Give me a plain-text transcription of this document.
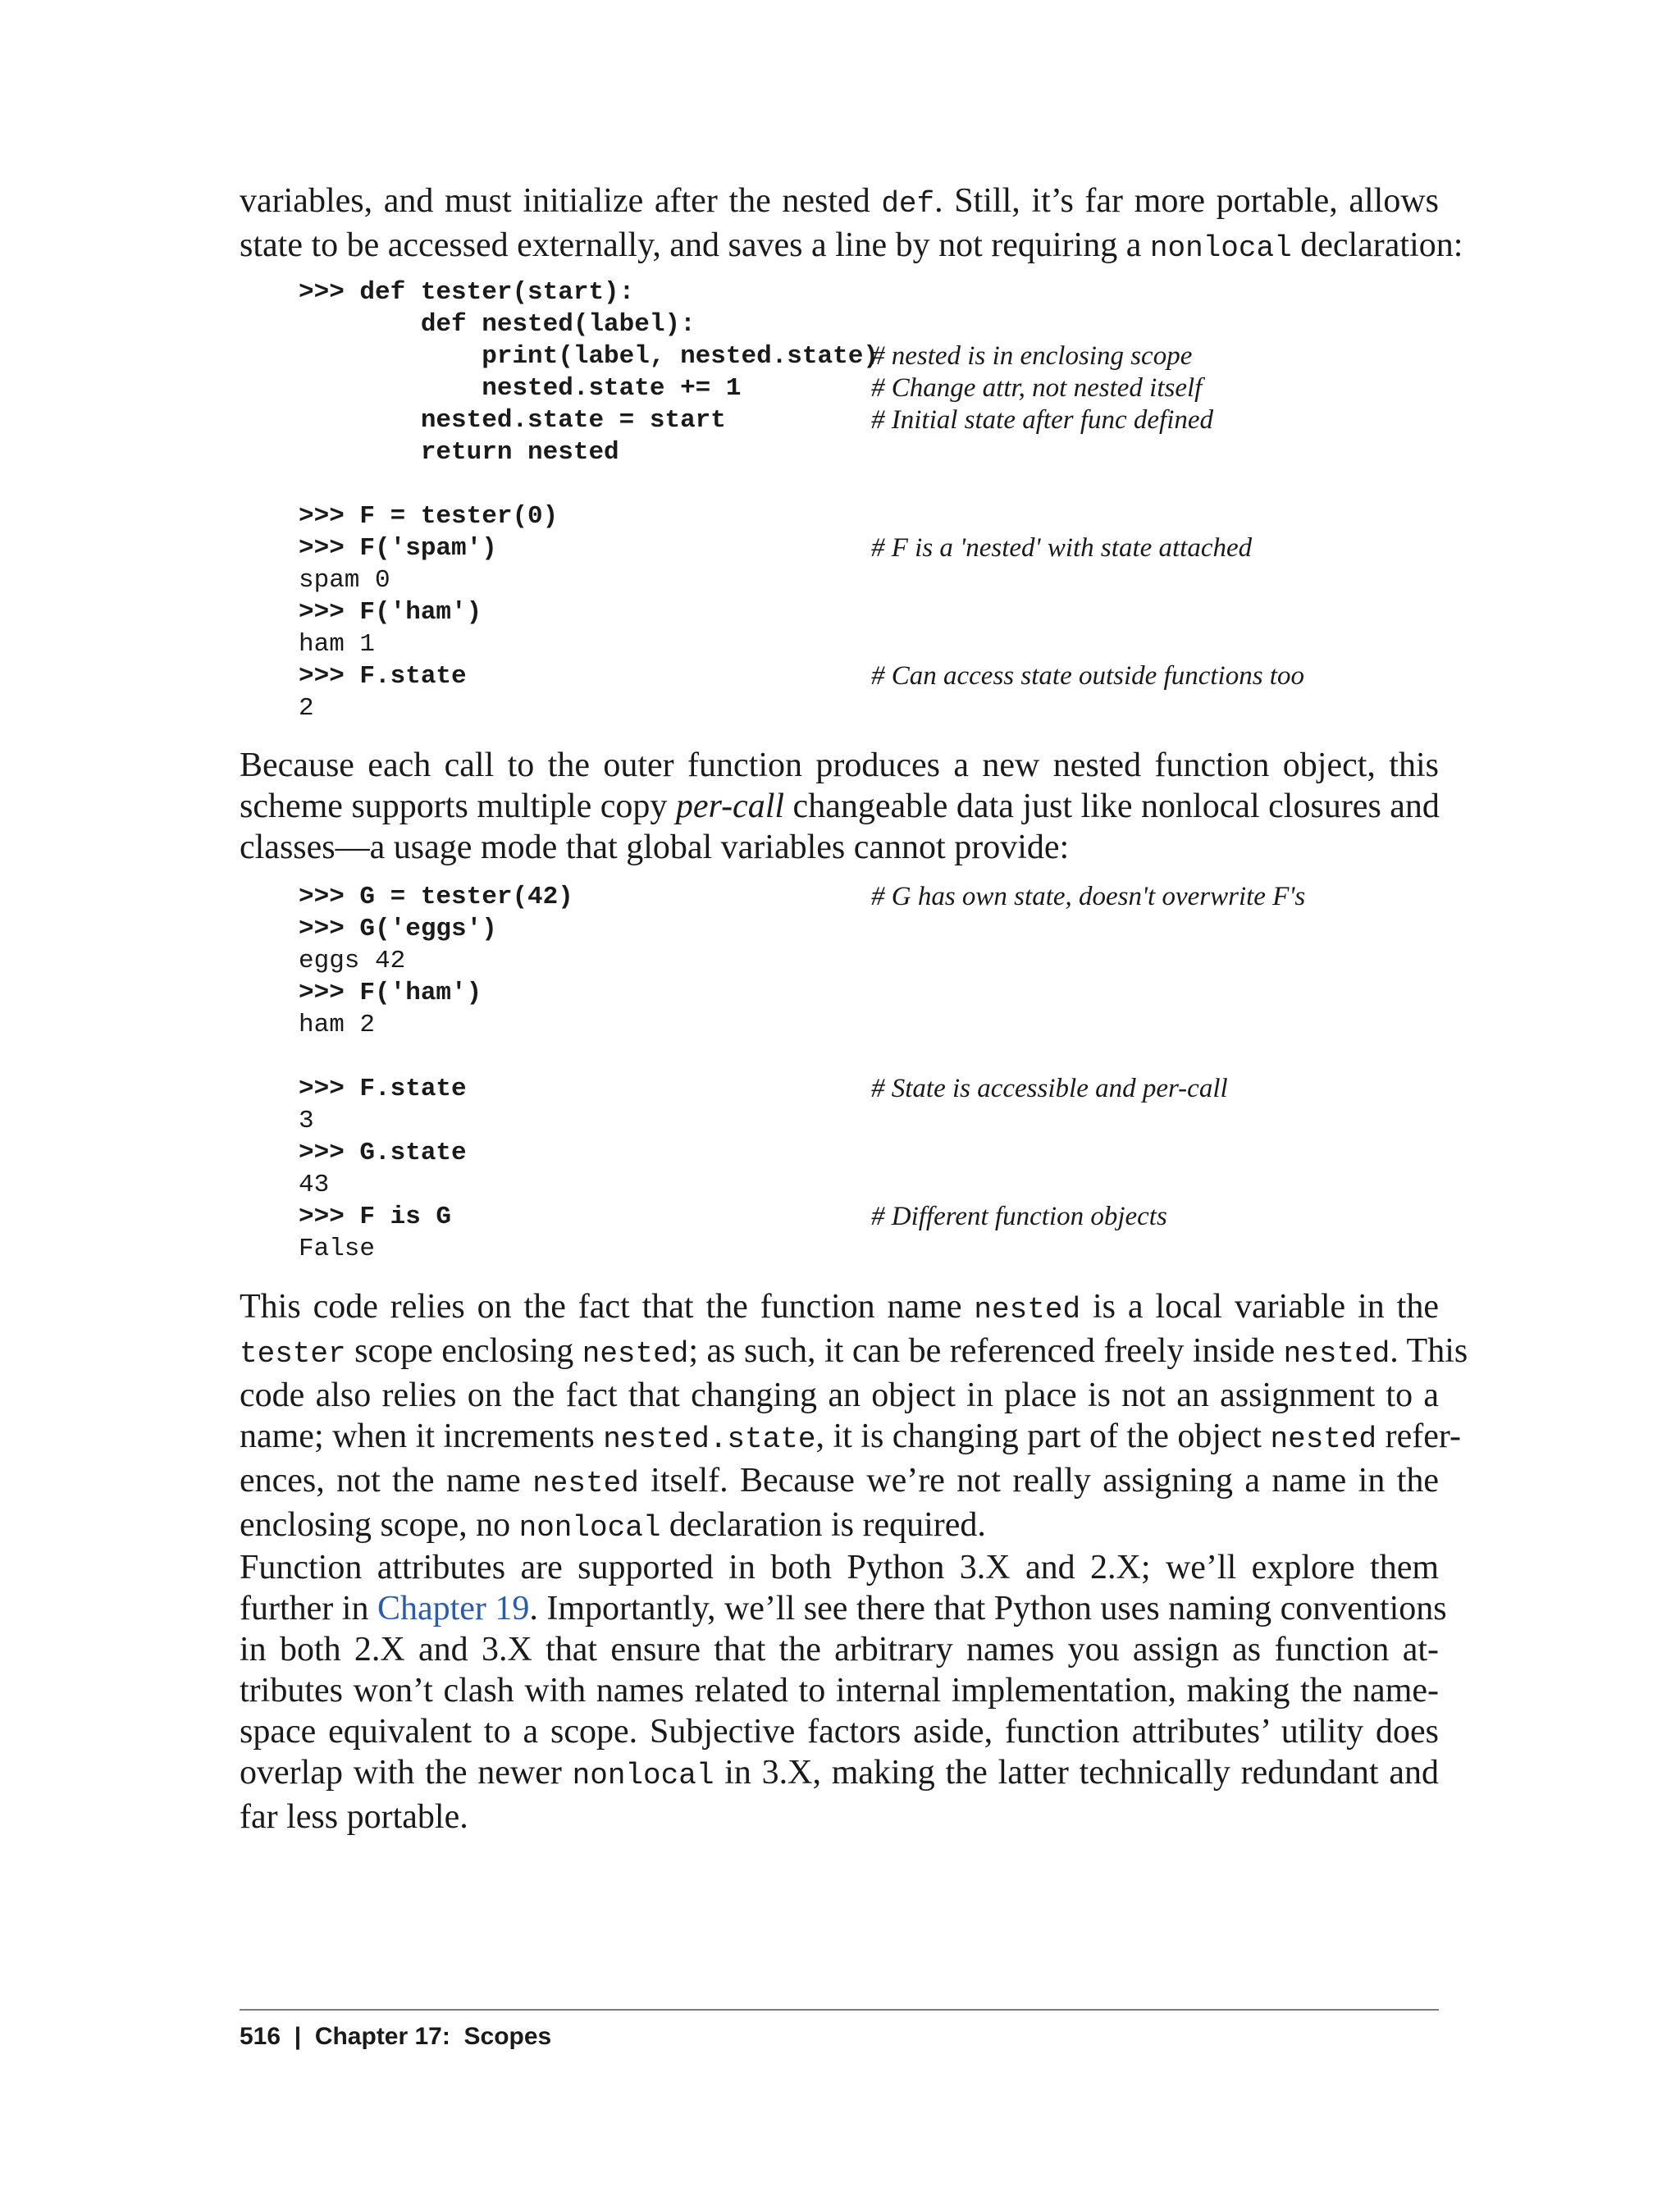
variables, and must initialize after the nested def. Still, it’s far more portable, allows
state to be accessed externally, and saves a line by not requiring a nonlocal declaration:
>>> def tester(start):
def nested(label):
print(label, nested.state)
# nested is in enclosing scope
nested.state += 1	# Change attr, not nested itself
nested.state = start	# Initial state after func defined
return nested
>>> F = tester(0)
>>> F('spam')	# F is a 'nested' with state attached
spam 0
>>> F('ham')
ham 1
>>> F.state	# Can access state outside functions too
2
Because each call to the outer function produces a new nested function object, this
scheme supports multiple copy per-call changeable data just like nonlocal closures and
classes—a usage mode that global variables cannot provide:
>>> G = tester(42)	# G has own state, doesn't overwrite F's
>>> G('eggs')
eggs 42
>>> F('ham')
ham 2
>>> F.state	# State is accessible and per-call
3
>>> G.state
43
>>> F is G	# Different function objects
False
This code relies on the fact that the function name nested is a local variable in the
tester scope enclosing nested; as such, it can be referenced freely inside nested. This
code also relies on the fact that changing an object in place is not an assignment to a
name; when it increments nested.state, it is changing part of the object nested refer-
ences, not the name nested itself. Because we’re not really assigning a name in the
enclosing scope, no nonlocal declaration is required.
Function attributes are supported in both Python 3.X and 2.X; we’ll explore them
further in Chapter 19. Importantly, we’ll see there that Python uses naming conventions
in both 2.X and 3.X that ensure that the arbitrary names you assign as function at-
tributes won’t clash with names related to internal implementation, making the name-
space equivalent to a scope. Subjective factors aside, function attributes’ utility does
overlap with the newer nonlocal in 3.X, making the latter technically redundant and
far less portable.
516 | Chapter 17:  Scopes
